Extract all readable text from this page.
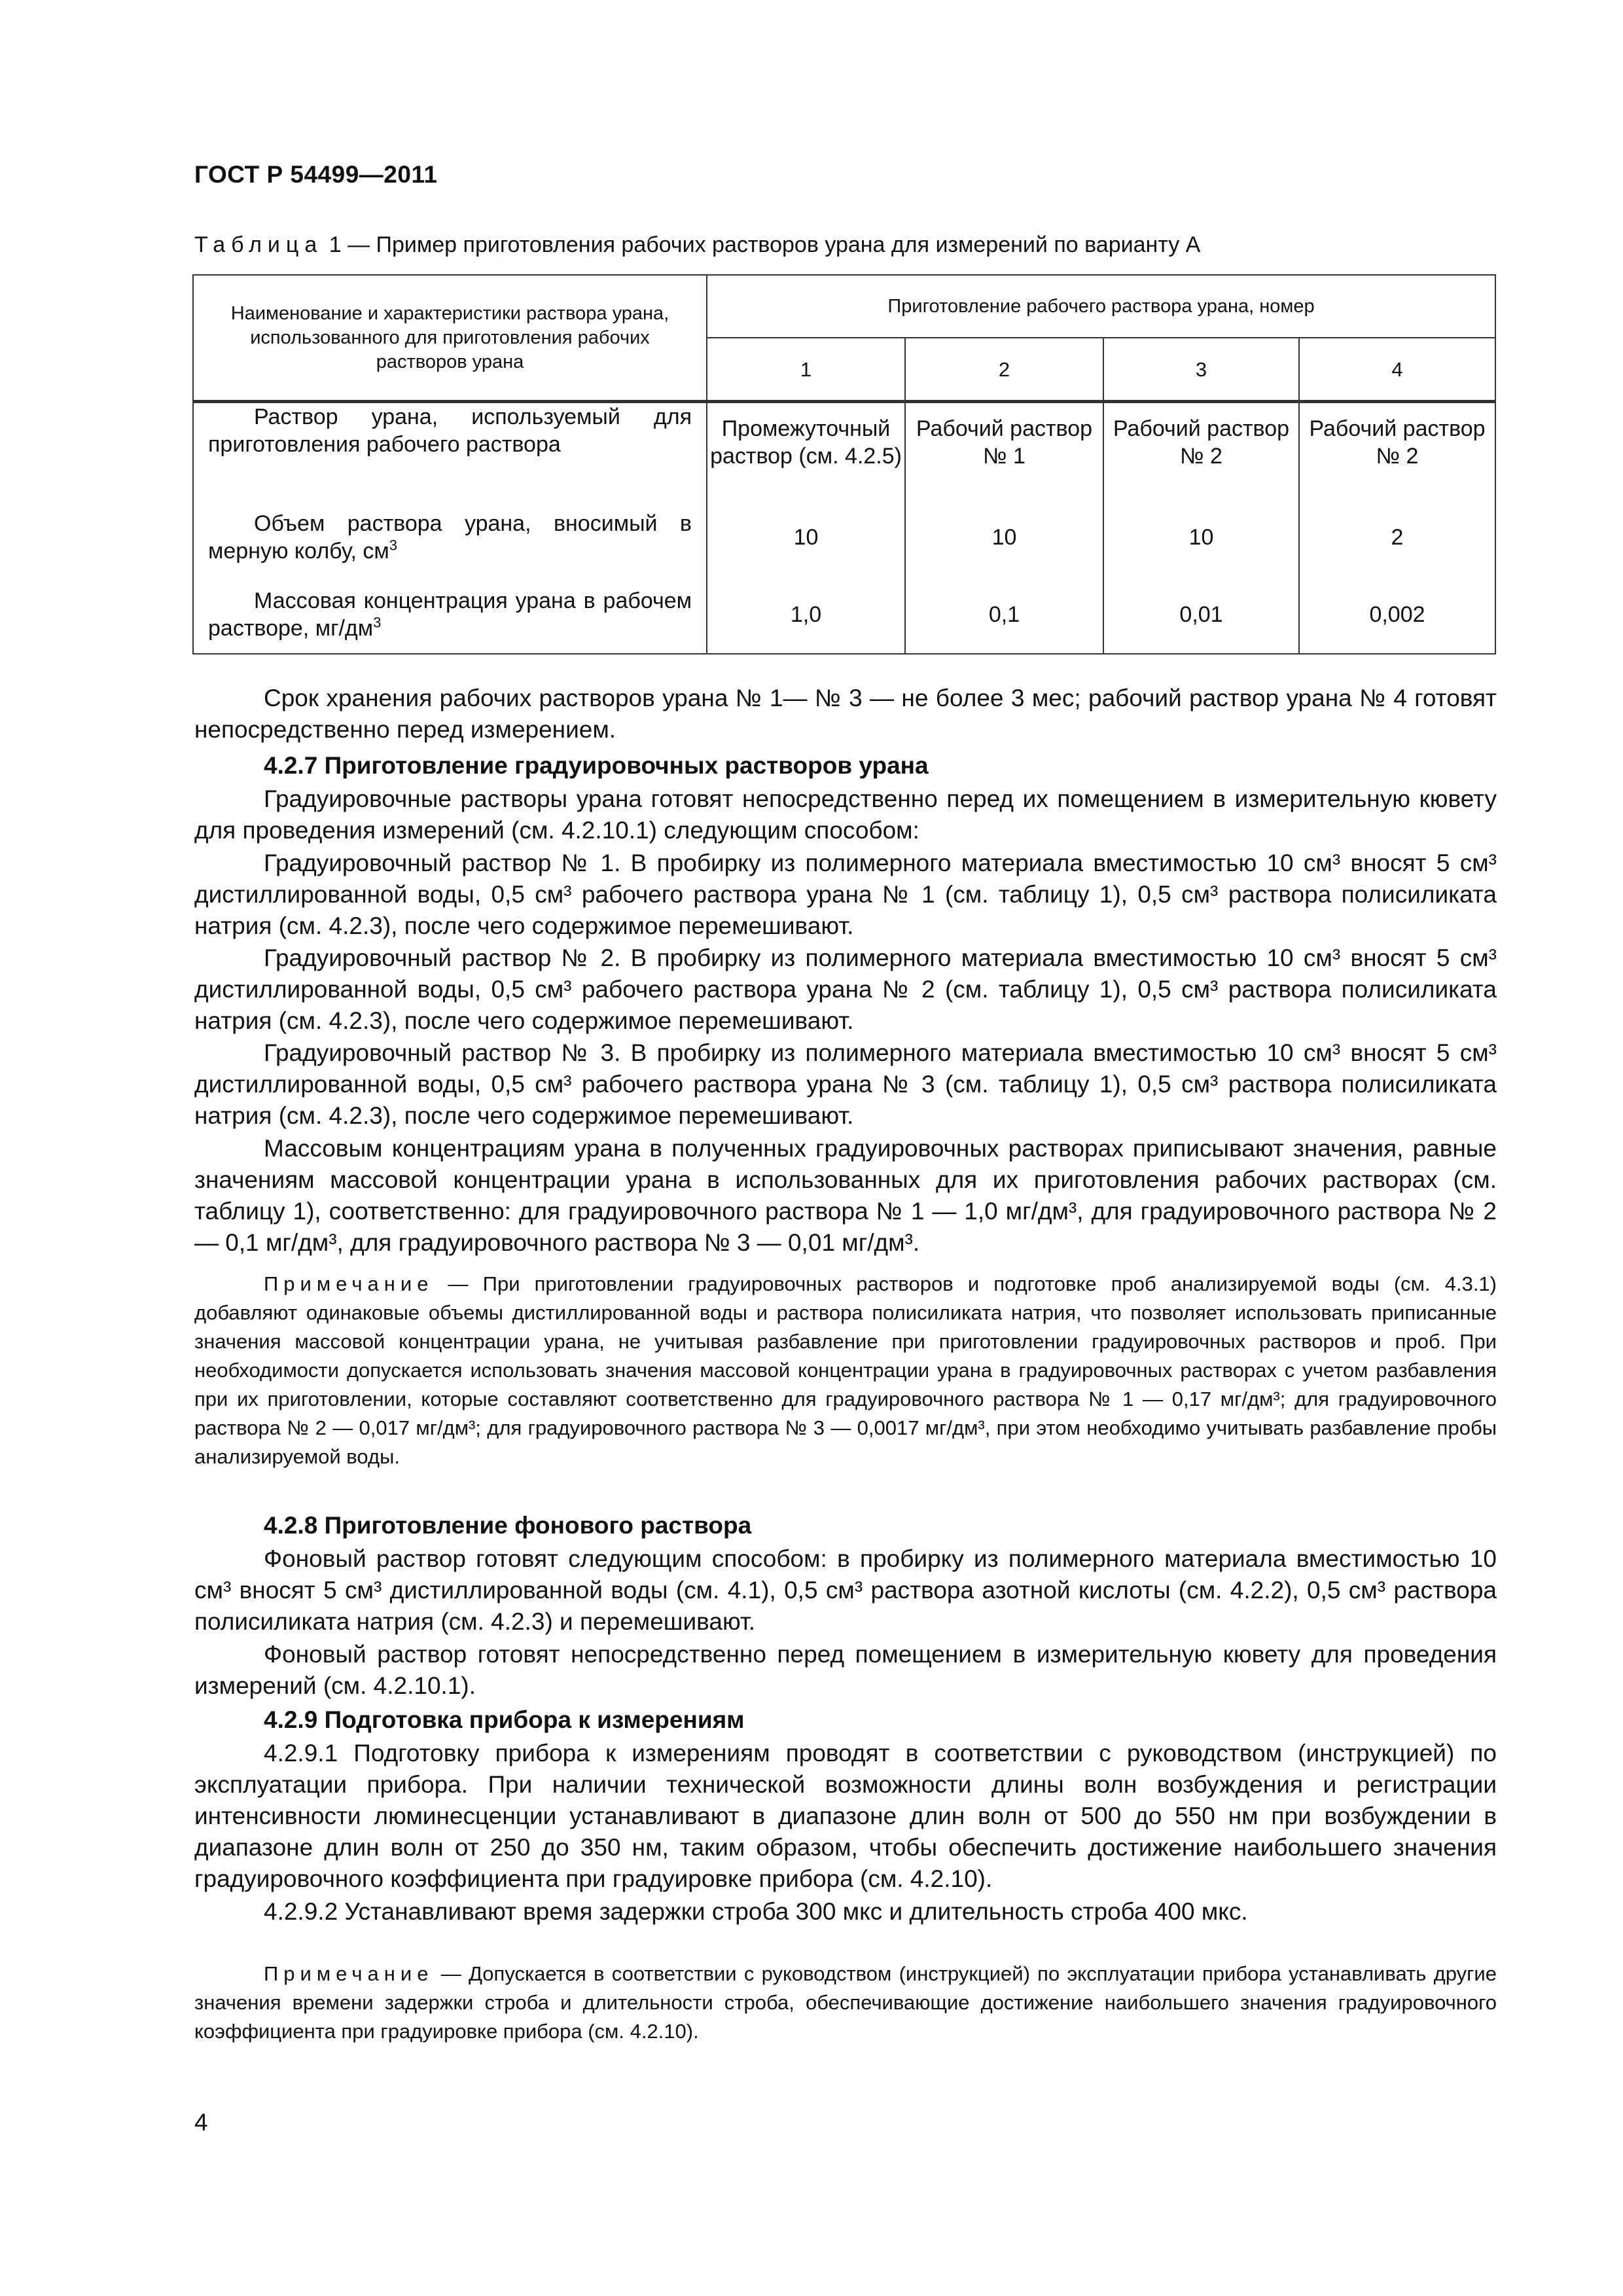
ГОСТ Р 54499—2011
Таблица 1 — Пример приготовления рабочих растворов урана для измерений по варианту А
Наименование и характеристики раствора урана, использованного для приготовления рабочих растворов урана	Приготовление рабочего раствора урана, номер			
	1	2	3	4
Раствор урана, используемый для приготовления рабочего раствора	Промежуточный раствор (см. 4.2.5)	Рабочий раствор № 1	Рабочий раствор № 2	Рабочий раствор № 2
Объем раствора урана, вносимый в мерную колбу, $см^3$	10	10	10	2
Массовая концентрация урана в рабочем растворе, $мг/дм^3$	1,0	0,1	0,01	0,002
Срок хранения рабочих растворов урана № 1— № 3 — не более 3 мес; рабочий раствор урана № 4 готовят непосредственно перед измерением.
4.2.7 Приготовление градуировочных растворов урана
Градуировочные растворы урана готовят непосредственно перед их помещением в измерительную кювету для проведения измерений (см. 4.2.10.1) следующим способом:
Градуировочный раствор № 1. В пробирку из полимерного материала вместимостью 10 см³ вносят 5 см³ дистиллированной воды, 0,5 см³ рабочего раствора урана № 1 (см. таблицу 1), 0,5 см³ раствора полисиликата натрия (см. 4.2.3), после чего содержимое перемешивают.
Градуировочный раствор № 2. В пробирку из полимерного материала вместимостью 10 см³ вносят 5 см³ дистиллированной воды, 0,5 см³ рабочего раствора урана № 2 (см. таблицу 1), 0,5 см³ раствора полисиликата натрия (см. 4.2.3), после чего содержимое перемешивают.
Градуировочный раствор № 3. В пробирку из полимерного материала вместимостью 10 см³ вносят 5 см³ дистиллированной воды, 0,5 см³ рабочего раствора урана № 3 (см. таблицу 1), 0,5 см³ раствора полисиликата натрия (см. 4.2.3), после чего содержимое перемешивают.
Массовым концентрациям урана в полученных градуировочных растворах приписывают значения, равные значениям массовой концентрации урана в использованных для их приготовления рабочих растворах (см. таблицу 1), соответственно: для градуировочного раствора № 1 — 1,0 мг/дм³, для градуировочного раствора № 2 — 0,1 мг/дм³, для градуировочного раствора № 3 — 0,01 мг/дм³.
Примечание — При приготовлении градуировочных растворов и подготовке проб анализируемой воды (см. 4.3.1) добавляют одинаковые объемы дистиллированной воды и раствора полисиликата натрия, что позволяет использовать приписанные значения массовой концентрации урана, не учитывая разбавление при приготовлении градуировочных растворов и проб. При необходимости допускается использовать значения массовой концентрации урана в градуировочных растворах с учетом разбавления при их приготовлении, которые составляют соответственно для градуировочного раствора № 1 — 0,17 мг/дм³; для градуировочного раствора № 2 — 0,017 мг/дм³; для градуировочного раствора № 3 — 0,0017 мг/дм³, при этом необходимо учитывать разбавление пробы анализируемой воды.
4.2.8 Приготовление фонового раствора
Фоновый раствор готовят следующим способом: в пробирку из полимерного материала вместимостью 10 см³ вносят 5 см³ дистиллированной воды (см. 4.1), 0,5 см³ раствора азотной кислоты (см. 4.2.2), 0,5 см³ раствора полисиликата натрия (см. 4.2.3) и перемешивают.
Фоновый раствор готовят непосредственно перед помещением в измерительную кювету для проведения измерений (см. 4.2.10.1).
4.2.9 Подготовка прибора к измерениям
4.2.9.1 Подготовку прибора к измерениям проводят в соответствии с руководством (инструкцией) по эксплуатации прибора. При наличии технической возможности длины волн возбуждения и регистрации интенсивности люминесценции устанавливают в диапазоне длин волн от 500 до 550 нм при возбуждении в диапазоне длин волн от 250 до 350 нм, таким образом, чтобы обеспечить достижение наибольшего значения градуировочного коэффициента при градуировке прибора (см. 4.2.10).
4.2.9.2 Устанавливают время задержки строба 300 мкс и длительность строба 400 мкс.
Примечание — Допускается в соответствии с руководством (инструкцией) по эксплуатации прибора устанавливать другие значения времени задержки строба и длительности строба, обеспечивающие достижение наибольшего значения градуировочного коэффициента при градуировке прибора (см. 4.2.10).
4
